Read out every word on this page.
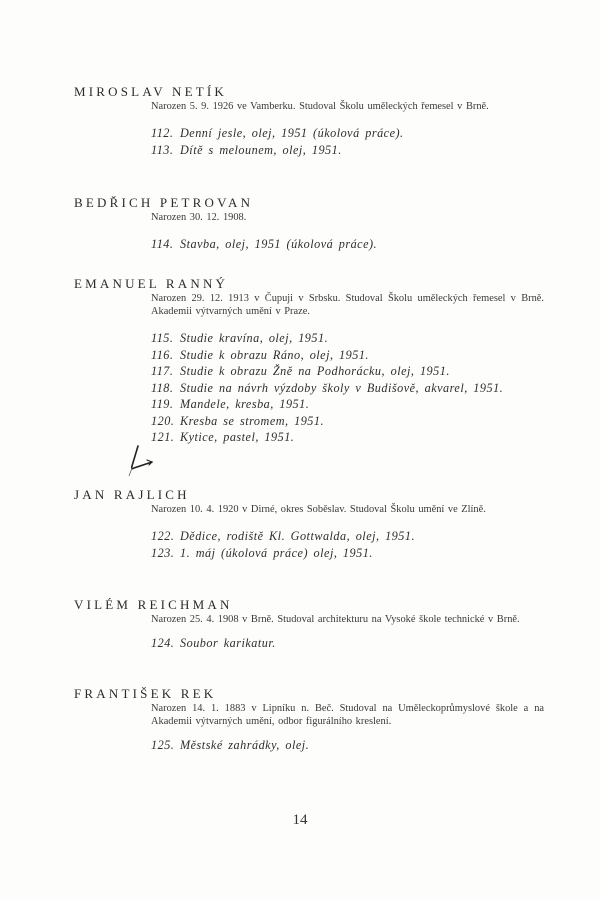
MIROSLAV NETÍK
Narozen 5. 9. 1926 ve Vamberku. Studoval Školu uměleckých řemesel v Brně.
112. Denní jesle, olej, 1951 (úkolová práce).
113. Dítě s melounem, olej, 1951.
BEDŘICH PETROVAN
Narozen 30. 12. 1908.
114. Stavba, olej, 1951 (úkolová práce).
EMANUEL RANNÝ
Narozen 29. 12. 1913 v Čupuji v Srbsku. Studoval Školu uměleckých řemesel v Brně. Akademii výtvarných umění v Praze.
115. Studie kravína, olej, 1951.
116. Studie k obrazu Ráno, olej, 1951.
117. Studie k obrazu Žně na Podhorácku, olej, 1951.
118. Studie na návrh výzdoby školy v Budišově, akvarel, 1951.
119. Mandele, kresba, 1951.
120. Kresba se stromem, 1951.
121. Kytice, pastel, 1951.
JAN RAJLICH
Narozen 10. 4. 1920 v Dirné, okres Soběslav. Studoval Školu umění ve Zlíně.
122. Dědice, rodiště Kl. Gottwalda, olej, 1951.
123. 1. máj (úkolová práce) olej, 1951.
VILÉM REICHMAN
Narozen 25. 4. 1908 v Brně. Studoval architekturu na Vysoké škole technické v Brně.
124. Soubor karikatur.
FRANTIŠEK REK
Narozen 14. 1. 1883 v Lipníku n. Beč. Studoval na Uměleckoprůmyslové škole a na Akademii výtvarných umění, odbor figurálního kreslení.
125. Městské zahrádky, olej.
14
